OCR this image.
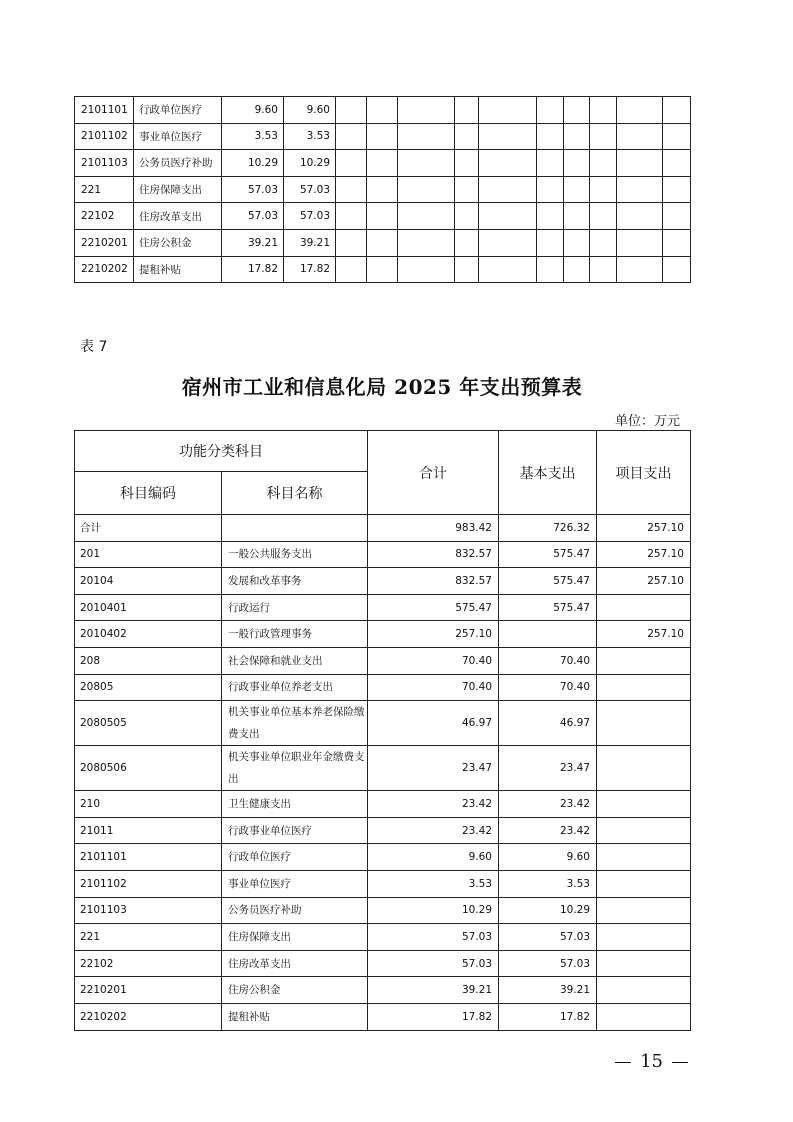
2101101	行政单位医疗	9.60	9.60										
2101102	事业单位医疗	3.53	3.53										
2101103	公务员医疗补助	10.29	10.29										
221	住房保障支出	57.03	57.03										
22102	住房改革支出	57.03	57.03										
2210201	住房公积金	39.21	39.21										
2210202	提租补贴	17.82	17.82										
表 7
宿州市工业和信息化局 2025 年支出预算表
单位：万元
功能分类科目		合计	基本支出	项目支出
科目编码	科目名称			
合计		983.42	726.32	257.10
201	一般公共服务支出	832.57	575.47	257.10
20104	发展和改革事务	832.57	575.47	257.10
2010401	行政运行	575.47	575.47	
2010402	一般行政管理事务	257.10		257.10
208	社会保障和就业支出	70.40	70.40	
20805	行政事业单位养老支出	70.40	70.40	
2080505	机关事业单位基本养老保险缴费支出	46.97	46.97	
2080506	机关事业单位职业年金缴费支出	23.47	23.47	
210	卫生健康支出	23.42	23.42	
21011	行政事业单位医疗	23.42	23.42	
2101101	行政单位医疗	9.60	9.60	
2101102	事业单位医疗	3.53	3.53	
2101103	公务员医疗补助	10.29	10.29	
221	住房保障支出	57.03	57.03	
22102	住房改革支出	57.03	57.03	
2210201	住房公积金	39.21	39.21	
2210202	提租补贴	17.82	17.82	
15
